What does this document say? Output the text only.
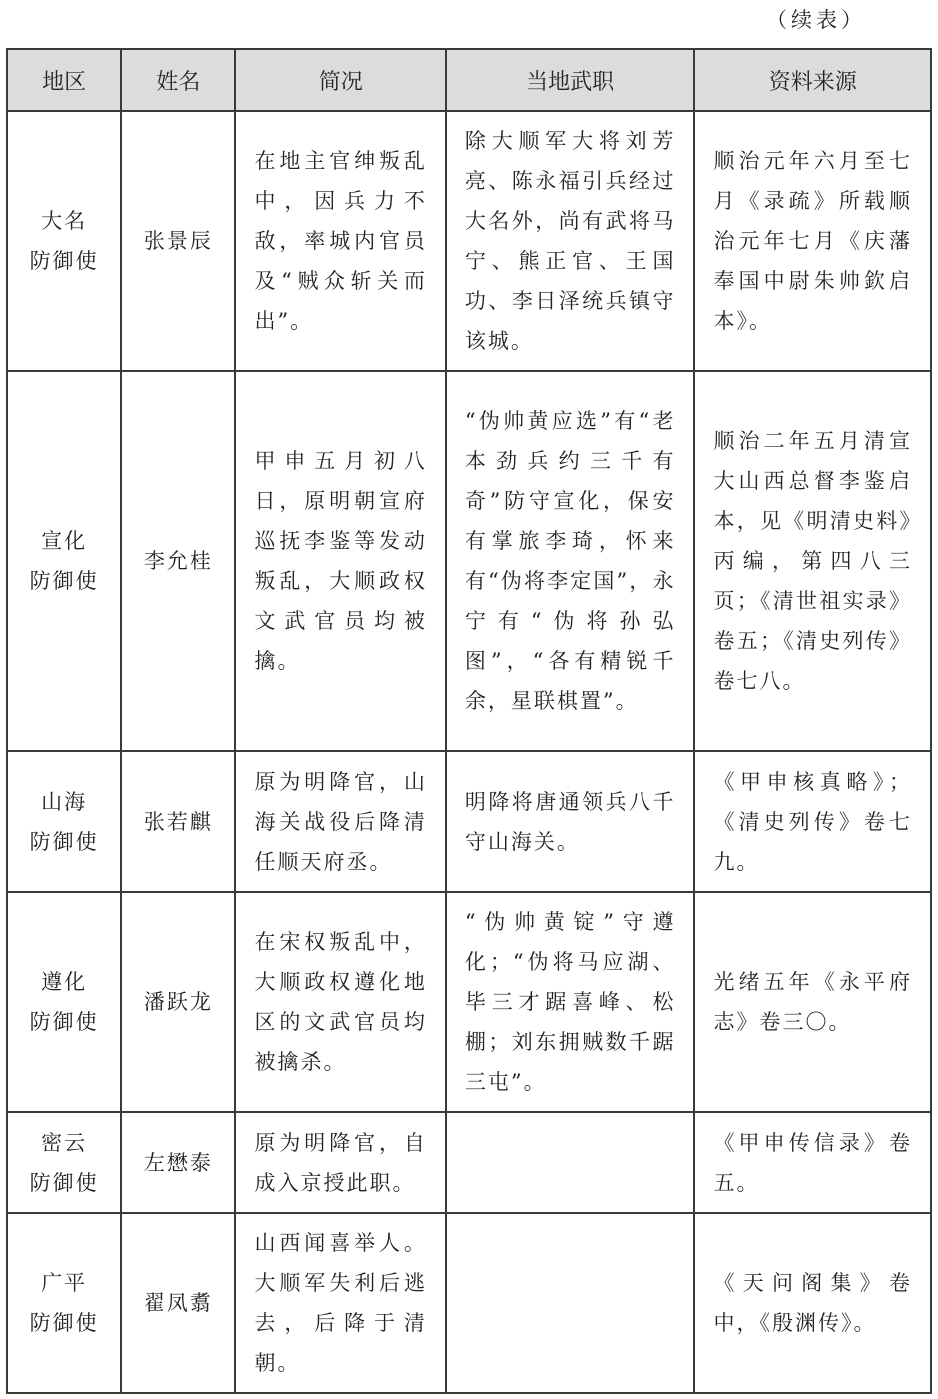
（续表）
地区	姓名	简况	当地武职	资料来源

大名
防御使	张景辰	在地主官绅叛乱中，因兵力不敌，率城内官员及“贼众斩关而出”。	除大顺军大将刘芳亮、陈永福引兵经过大名外，尚有武将马宁、熊正官、王国功、李日泽统兵镇守该城。	顺治元年六月至七月《录疏》所载顺治元年七月《庆藩奉国中尉朱帅欽启本》。

宣化
防御使	李允桂	甲申五月初八日，原明朝宣府巡抚李鉴等发动叛乱，大顺政权文武官员均被擒。	“伪帅黄应选”有“老本劲兵约三千有奇”防守宣化，保安有掌旅李琦，怀来有“伪将李定国”，永宁有“伪将孙弘图”，“各有精锐千余，星联棋置”。	顺治二年五月清宣大山西总督李鉴启本，见《明清史料》丙编，第四八三页；《清世祖实录》卷五；《清史列传》卷七八。

山海
防御使	张若麒	原为明降官，山海关战役后降清任顺天府丞。	明降将唐通领兵八千守山海关。	《甲申核真略》；《清史列传》卷七九。

遵化
防御使	潘跃龙	在宋权叛乱中，大顺政权遵化地区的文武官员均被擒杀。	“伪帅黄锭”守遵化；“伪将马应湖、毕三才踞喜峰、松棚；刘东拥贼数千踞三屯”。	光绪五年《永平府志》卷三〇。

密云
防御使	左懋泰	原为明降官，自成入京授此职。		《甲申传信录》卷五。

广平
防御使	翟凤翥	山西闻喜举人。大顺军失利后逃去，后降于清朝。		《天问阁集》卷中，《殷渊传》。
